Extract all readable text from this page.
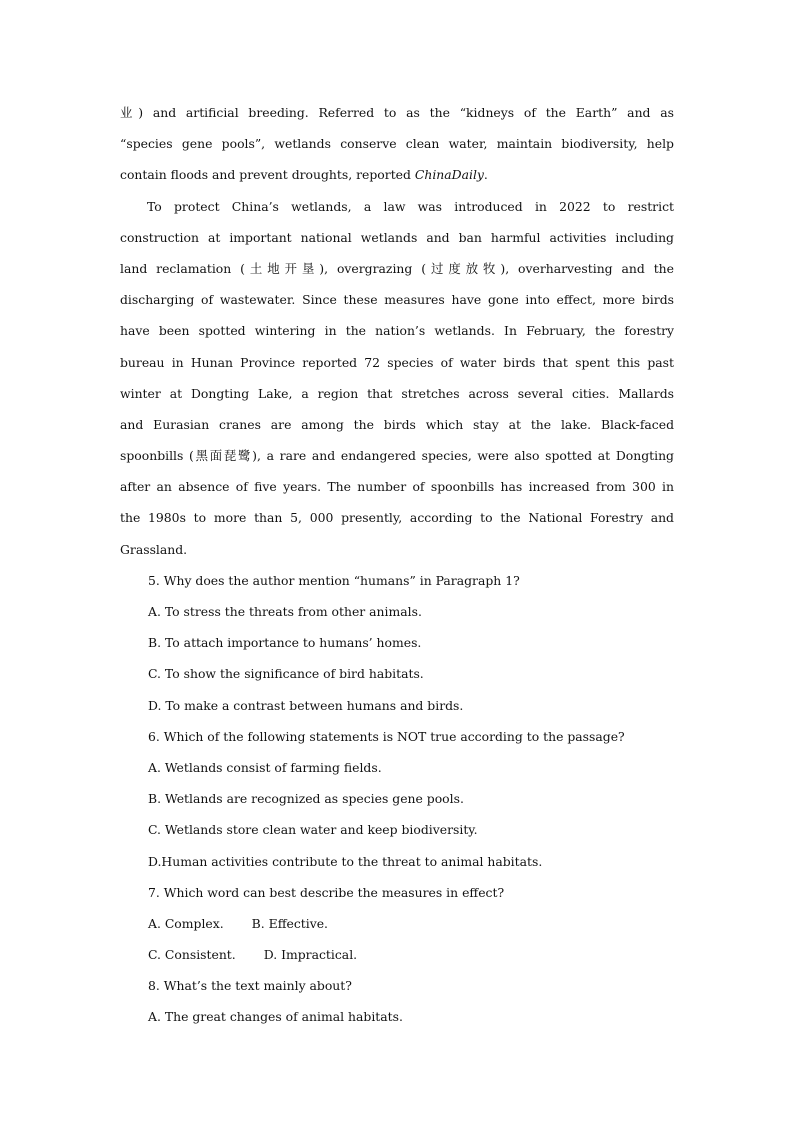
业) and artificial breeding. Referred to as the “kidneys of the Earth” and as
“species gene pools”, wetlands conserve clean water, maintain biodiversity, help
contain floods and prevent droughts, reported ChinaDaily.
To protect China’s wetlands, a law was introduced in 2022 to restrict
construction at important national wetlands and ban harmful activities including
land reclamation (土地开垦), overgrazing (过度放牧), overharvesting and the
discharging of wastewater. Since these measures have gone into effect, more birds
have been spotted wintering in the nation’s wetlands. In February, the forestry
bureau in Hunan Province reported 72 species of water birds that spent this past
winter at Dongting Lake, a region that stretches across several cities. Mallards
and Eurasian cranes are among the birds which stay at the lake. Black-faced
spoonbills (黑面琵鹭), a rare and endangered species, were also spotted at Dongting
after an absence of five years. The number of spoonbills has increased from 300 in
the 1980s to more than 5, 000 presently, according to the National Forestry and
Grassland.
5. Why does the author mention “humans” in Paragraph 1?
A. To stress the threats from other animals.
B. To attach importance to humans’ homes.
C. To show the significance of bird habitats.
D. To make a contrast between humans and birds.
6. Which of the following statements is NOT true according to the passage?
A. Wetlands consist of farming fields.
B. Wetlands are recognized as species gene pools.
C. Wetlands store clean water and keep biodiversity.
D.Human activities contribute to the threat to animal habitats.
7. Which word can best describe the measures in effect?
A. Complex. B. Effective.
C. Consistent. D. Impractical.
8. What’s the text mainly about?
A. The great changes of animal habitats.
